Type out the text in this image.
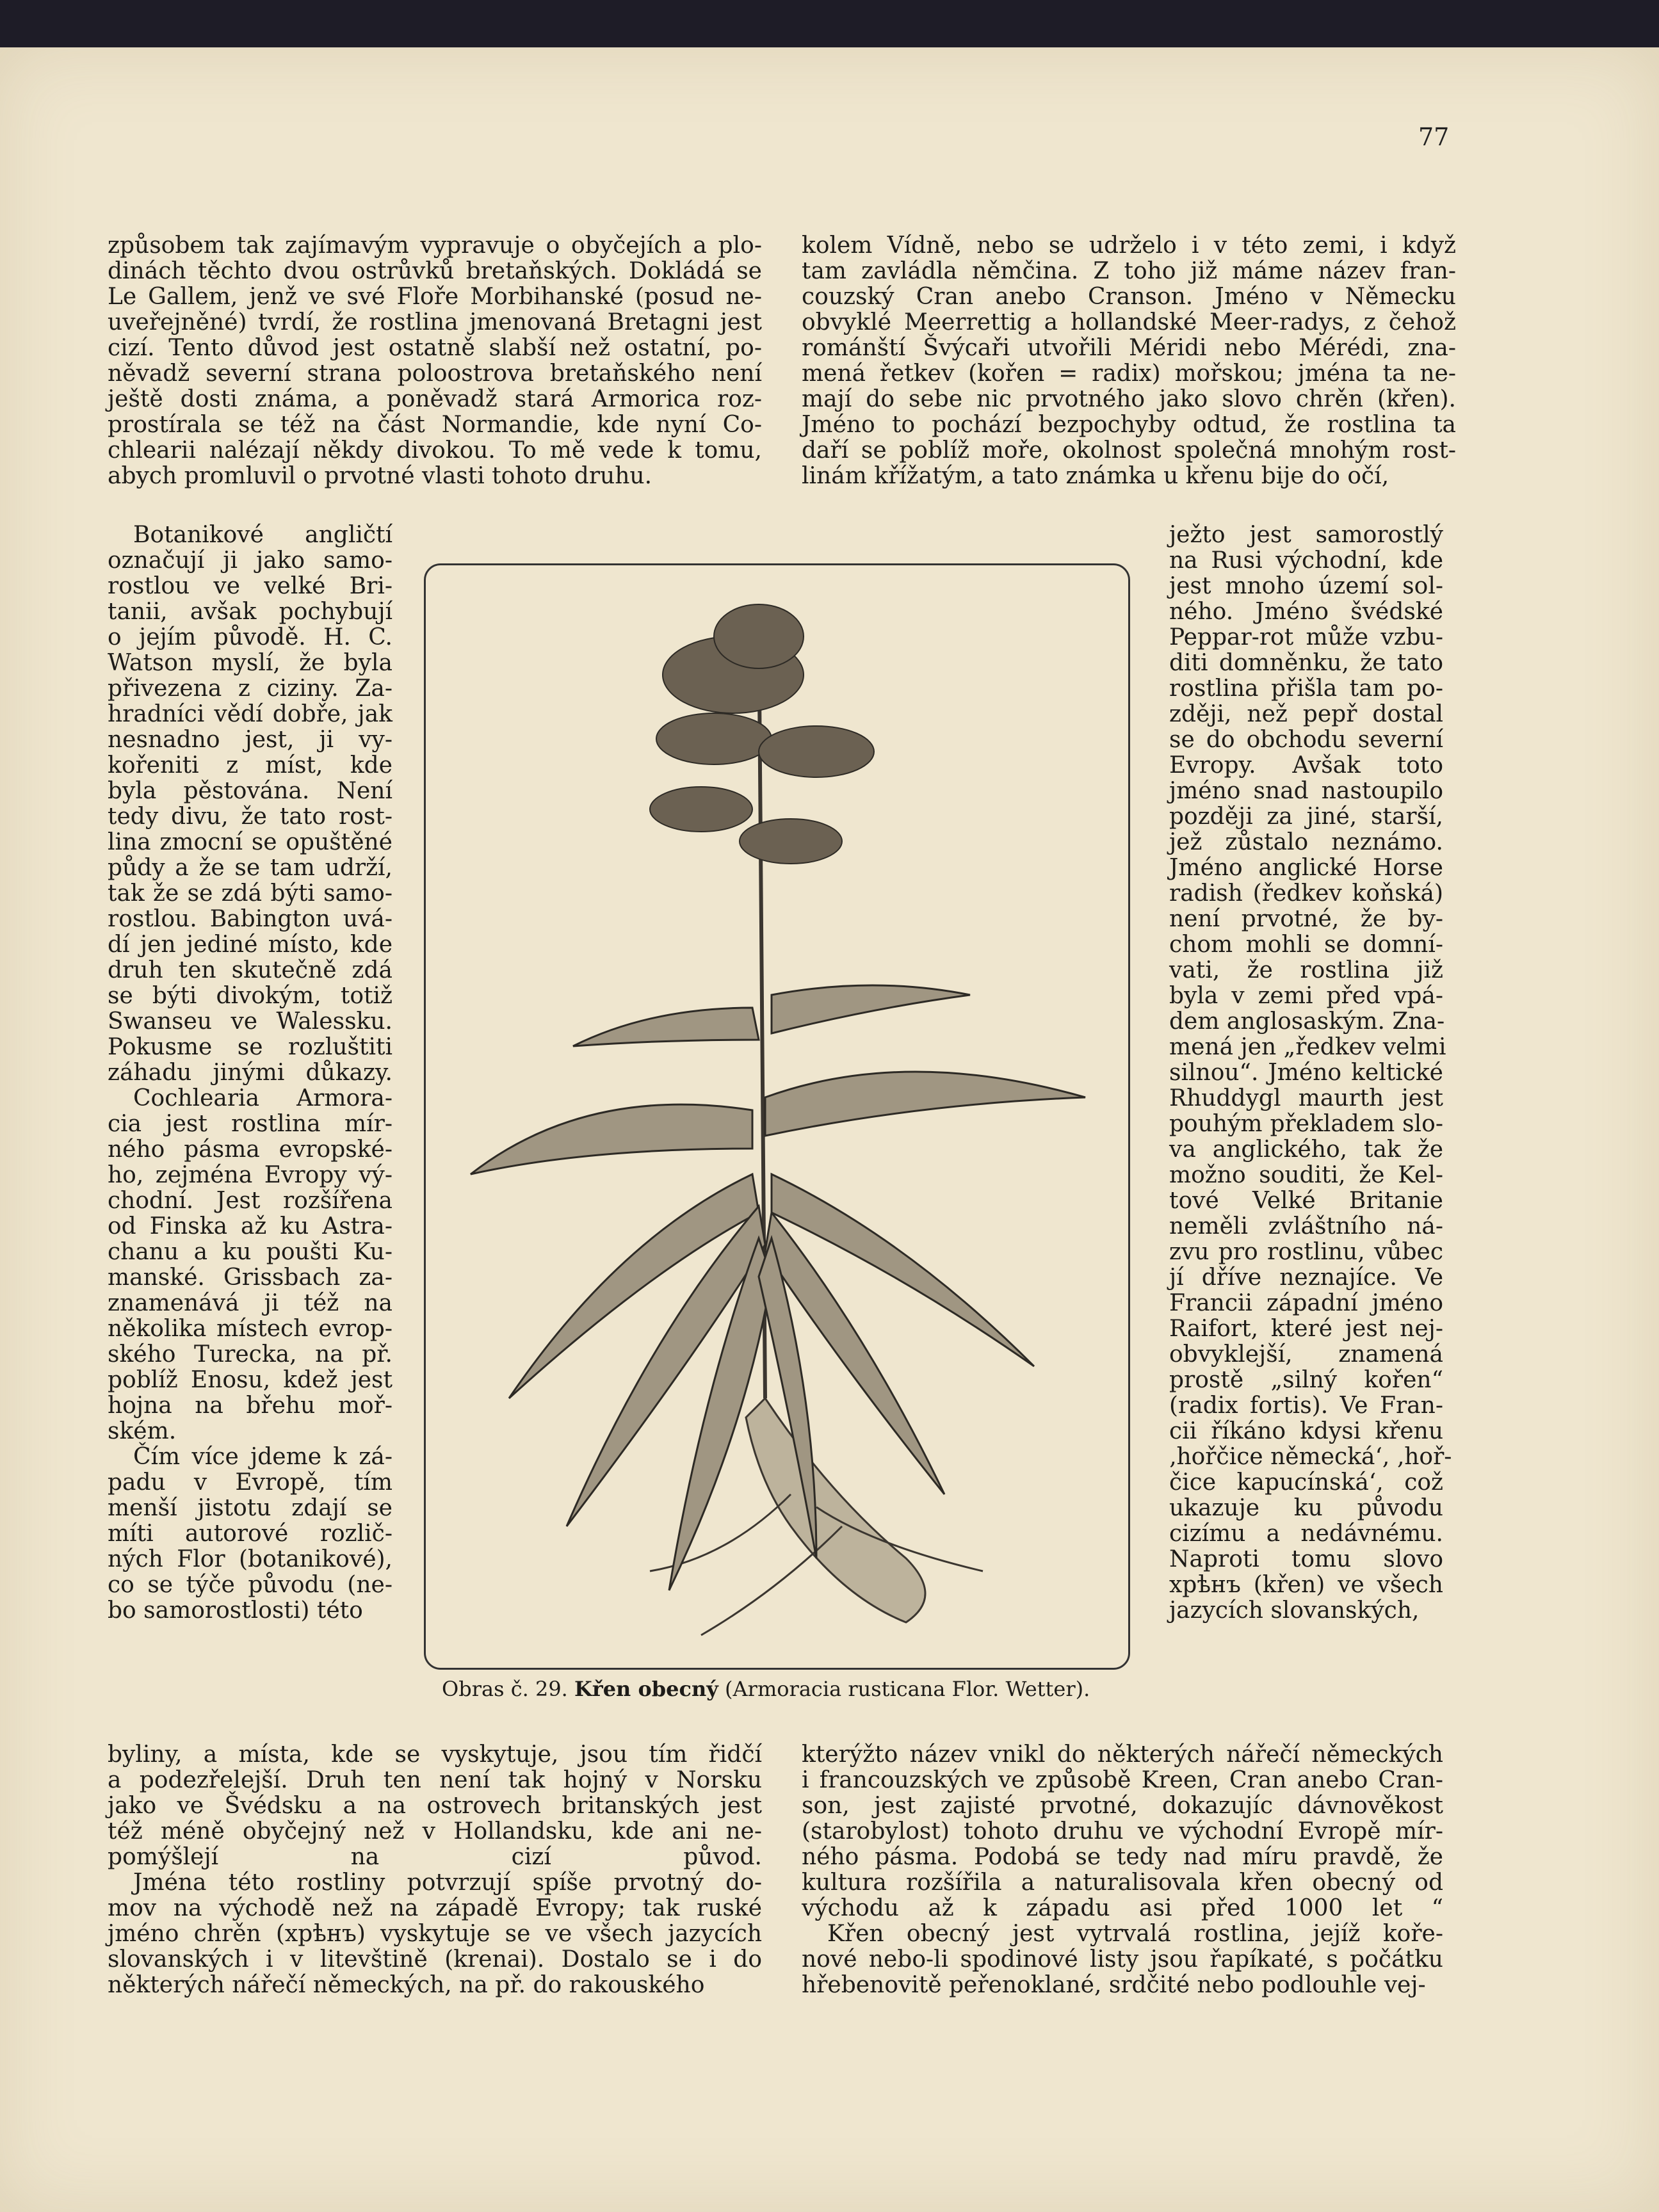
77
způsobem tak zajímavým vypravuje o obyčejích a plo-
dinách těchto dvou ostrůvků bretaňských. Dokládá se
Le Gallem, jenž ve své Floře Morbihanské (posud ne-
uveřejněné) tvrdí, že rostlina jmenovaná Bretagni jest
cizí. Tento důvod jest ostatně slabší než ostatní, po-
něvadž severní strana poloostrova bretaňského není
ještě dosti známa, a poněvadž stará Armorica roz-
prostírala se též na část Normandie, kde nyní Co-
chlearii nalézají někdy divokou. To mě vede k tomu,
abych promluvil o prvotné vlasti tohoto druhu.
Botanikové angličtí
označují ji jako samo-
rostlou ve velké Bri-
tanii, avšak pochybují
o jejím původě. H. C.
Watson myslí, že byla
přivezena z ciziny. Za-
hradníci vědí dobře, jak
nesnadno jest, ji vy-
kořeniti z míst, kde
byla pěstována. Není
tedy divu, že tato rost-
lina zmocní se opuštěné
půdy a že se tam udrží,
tak že se zdá býti samo-
rostlou. Babington uvá-
dí jen jediné místo, kde
druh ten skutečně zdá
se býti divokým, totiž
Swanseu ve Walessku.
Pokusme se rozluštiti
záhadu jinými důkazy.
Cochlearia Armora-
cia jest rostlina mír-
ného pásma evropské-
ho, zejména Evropy vý-
chodní. Jest rozšířena
od Finska až ku Astra-
chanu a ku poušti Ku-
manské. Grissbach za-
znamenává ji též na
několika místech evrop-
ského Turecka, na př.
poblíž Enosu, kdež jest
hojna na břehu moř-
ském.
Čím více jdeme k zá-
padu v Evropě, tím
menší jistotu zdají se
míti autorové rozlič-
ných Flor (botanikové),
co se týče původu (ne-
bo samorostlosti) této
byliny, a místa, kde se vyskytuje, jsou tím řidčí
a podezřelejší. Druh ten není tak hojný v Norsku
jako ve Švédsku a na ostrovech britanských jest
též méně obyčejný než v Hollandsku, kde ani ne-
pomýšlejí na cizí původ.
Jména této rostliny potvrzují spíše prvotný do-
mov na východě než na západě Evropy; tak ruské
jméno chrěn (хрѣнъ) vyskytuje se ve všech jazycích
slovanských i v litevštině (krenai). Dostalo se i do
některých nářečí německých, na př. do rakouského
kolem Vídně, nebo se udrželo i v této zemi, i když
tam zavládla němčina. Z toho již máme název fran-
couzský Cran anebo Cranson. Jméno v Německu
obvyklé Meerrettig a hollandské Meer-radys, z čehož
románští Švýcaři utvořili Méridi nebo Mérédi, zna-
mená řetkev (kořen = radix) mořskou; jména ta ne-
mají do sebe nic prvotného jako slovo chrěn (křen).
Jméno to pochází bezpochyby odtud, že rostlina ta
daří se poblíž moře, okolnost společná mnohým rost-
linám křížatým, a tato známka u křenu bije do očí,
ježto jest samorostlý
na Rusi východní, kde
jest mnoho území sol-
ného. Jméno švédské
Peppar-rot může vzbu-
diti domněnku, že tato
rostlina přišla tam po-
zději, než pepř dostal
se do obchodu severní
Evropy. Avšak toto
jméno snad nastoupilo
později za jiné, starší,
jež zůstalo neznámo.
Jméno anglické Horse
radish (ředkev koňská)
není prvotné, že by-
chom mohli se domní-
vati, že rostlina již
byla v zemi před vpá-
dem anglosaským. Zna-
mená jen „ředkev velmi
silnou“. Jméno keltické
Rhuddygl maurth jest
pouhým překladem slo-
va anglického, tak že
možno souditi, že Kel-
tové Velké Britanie
neměli zvláštního ná-
zvu pro rostlinu, vůbec
jí dříve neznajíce. Ve
Francii západní jméno
Raifort, které jest nej-
obvyklejší, znamená
prostě „silný kořen“
(radix fortis). Ve Fran-
cii říkáno kdysi křenu
‚hořčice německá‘, ‚hoř-
čice kapucínská‘, což
ukazuje ku původu
cizímu a nedávnému.
Naproti tomu slovo
хрѣнъ (křen) ve všech
jazycích slovanských,
kterýžto název vnikl do některých nářečí německých
i francouzských ve způsobě Kreen, Cran anebo Cran-
son, jest zajisté prvotné, dokazujíc dávnověkost
(starobylost) tohoto druhu ve východní Evropě mír-
ného pásma. Podobá se tedy nad míru pravdě, že
kultura rozšířila a naturalisovala křen obecný od
východu až k západu asi před 1000 let “
Křen obecný jest vytrvalá rostlina, jejíž koře-
nové nebo-li spodinové listy jsou řapíkaté, s počátku
hřebenovitě peřenoklané, srdčité nebo podlouhle vej-
Obras č. 29. Křen obecný (Armoracia rusticana Flor. Wetter).
